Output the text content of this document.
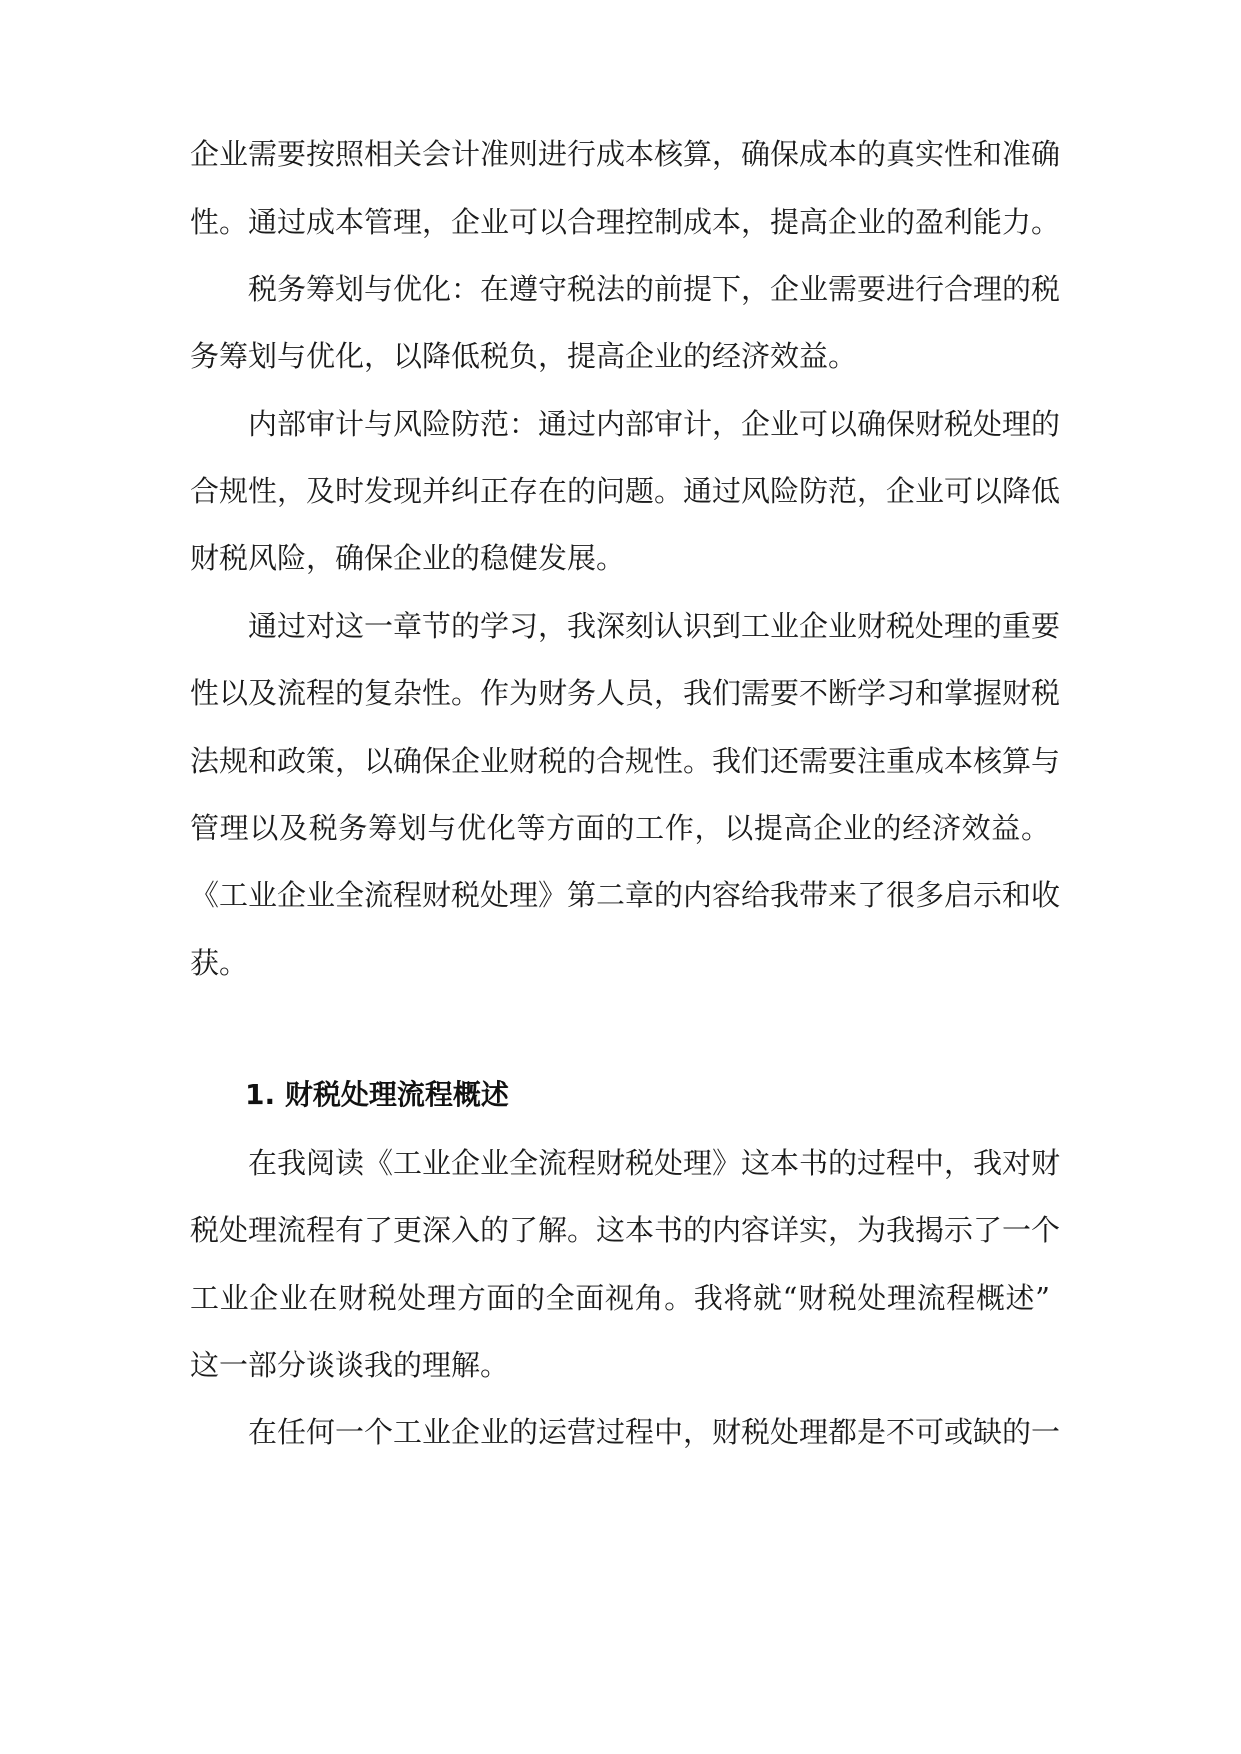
企业需要按照相关会计准则进行成本核算，确保成本的真实性和准确
性。通过成本管理，企业可以合理控制成本，提高企业的盈利能力。
税务筹划与优化：在遵守税法的前提下，企业需要进行合理的税
务筹划与优化，以降低税负，提高企业的经济效益。
内部审计与风险防范：通过内部审计，企业可以确保财税处理的
合规性，及时发现并纠正存在的问题。通过风险防范，企业可以降低
财税风险，确保企业的稳健发展。
通过对这一章节的学习，我深刻认识到工业企业财税处理的重要
性以及流程的复杂性。作为财务人员，我们需要不断学习和掌握财税
法规和政策，以确保企业财税的合规性。我们还需要注重成本核算与
管理以及税务筹划与优化等方面的工作，以提高企业的经济效益。
《工业企业全流程财税处理》第二章的内容给我带来了很多启示和收
获。
1. 财税处理流程概述
在我阅读《工业企业全流程财税处理》这本书的过程中，我对财
税处理流程有了更深入的了解。这本书的内容详实，为我揭示了一个
工业企业在财税处理方面的全面视角。我将就“财税处理流程概述”
这一部分谈谈我的理解。
在任何一个工业企业的运营过程中，财税处理都是不可或缺的一
